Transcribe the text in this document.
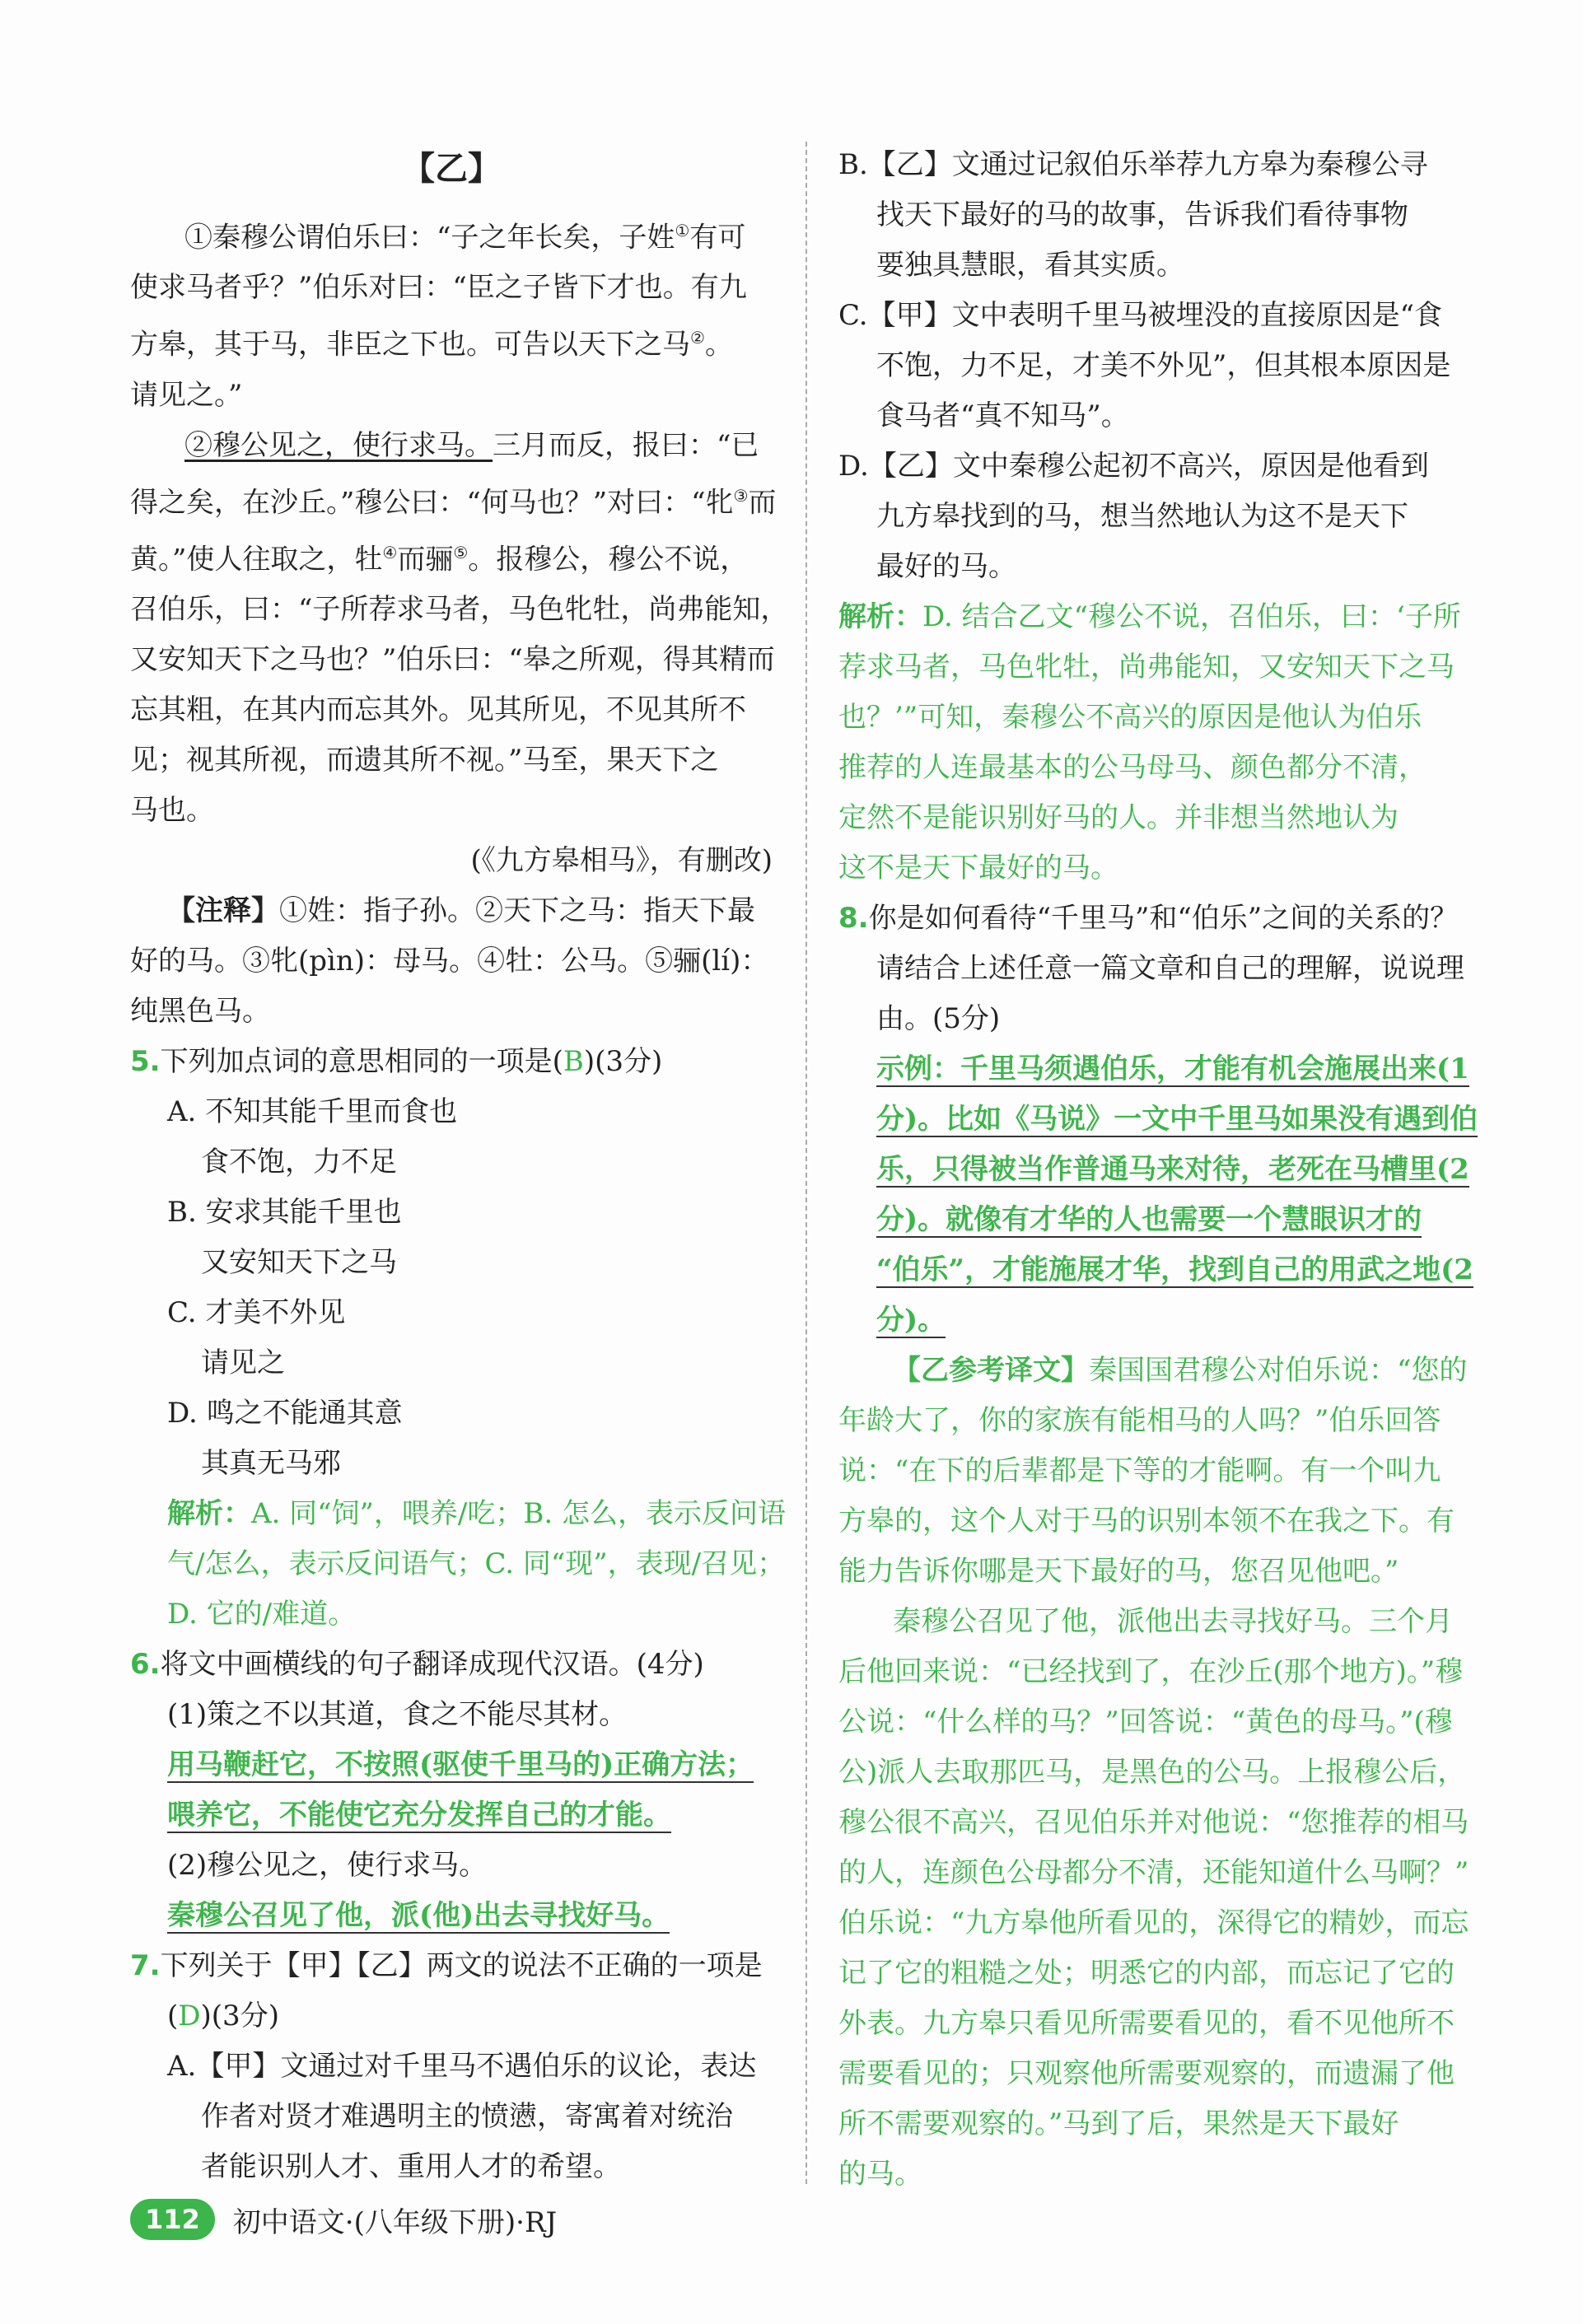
【乙】
①秦穆公谓伯乐曰：“子之年长矣，子姓①有可
使求马者乎？”伯乐对曰：“臣之子皆下才也。有九
方皋，其于马，非臣之下也。可告以天下之马②。
请见之。”
②穆公见之，使行求马。三月而反，报曰：“已
得之矣，在沙丘。”穆公曰：“何马也？”对曰：“牝③而
黄。”使人往取之，牡④而骊⑤。报穆公，穆公不说，
召伯乐，曰：“子所荐求马者，马色牝牡，尚弗能知，
又安知天下之马也？”伯乐曰：“皋之所观，得其精而
忘其粗，在其内而忘其外。见其所见，不见其所不
见；视其所视，而遗其所不视。”马至，果天下之
马也。
(《九方皋相马》，有删改)
【注释】①姓：指子孙。②天下之马：指天下最
好的马。③牝(pìn)：母马。④牡：公马。⑤骊(lí)：
纯黑色马。
5.下列加点词的意思相同的一项是(B)(3分)
A. 不知其能千里而食也
食不饱，力不足
B. 安求其能千里也
又安知天下之马
C. 才美不外见
请见之
D. 鸣之不能通其意
其真无马邪
解析：A. 同“饲”，喂养/吃；B. 怎么，表示反问语
气/怎么，表示反问语气；C. 同“现”，表现/召见；
D. 它的/难道。
6.将文中画横线的句子翻译成现代汉语。(4分)
(1)策之不以其道，食之不能尽其材。
用马鞭赶它，不按照(驱使千里马的)正确方法；
喂养它，不能使它充分发挥自己的才能。
(2)穆公见之，使行求马。
秦穆公召见了他，派(他)出去寻找好马。
7.下列关于【甲】【乙】两文的说法不正确的一项是
(D)(3分)
A.【甲】文通过对千里马不遇伯乐的议论，表达
作者对贤才难遇明主的愤懑，寄寓着对统治
者能识别人才、重用人才的希望。
B.【乙】文通过记叙伯乐举荐九方皋为秦穆公寻
找天下最好的马的故事，告诉我们看待事物
要独具慧眼，看其实质。
C.【甲】文中表明千里马被埋没的直接原因是“食
不饱，力不足，才美不外见”，但其根本原因是
食马者“真不知马”。
D.【乙】文中秦穆公起初不高兴，原因是他看到
九方皋找到的马，想当然地认为这不是天下
最好的马。
解析：D. 结合乙文“穆公不说，召伯乐，曰：‘子所
荐求马者，马色牝牡，尚弗能知，又安知天下之马
也？’”可知，秦穆公不高兴的原因是他认为伯乐
推荐的人连最基本的公马母马、颜色都分不清，
定然不是能识别好马的人。并非想当然地认为
这不是天下最好的马。
8.你是如何看待“千里马”和“伯乐”之间的关系的？
请结合上述任意一篇文章和自己的理解，说说理
由。(5分)
示例：千里马须遇伯乐，才能有机会施展出来(1
分)。比如《马说》一文中千里马如果没有遇到伯
乐，只得被当作普通马来对待，老死在马槽里(2
分)。就像有才华的人也需要一个慧眼识才的
“伯乐”，才能施展才华，找到自己的用武之地(2
分)。
【乙参考译文】秦国国君穆公对伯乐说：“您的
年龄大了，你的家族有能相马的人吗？”伯乐回答
说：“在下的后辈都是下等的才能啊。有一个叫九
方皋的，这个人对于马的识别本领不在我之下。有
能力告诉你哪是天下最好的马，您召见他吧。”
秦穆公召见了他，派他出去寻找好马。三个月
后他回来说：“已经找到了，在沙丘(那个地方)。”穆
公说：“什么样的马？”回答说：“黄色的母马。”(穆
公)派人去取那匹马，是黑色的公马。上报穆公后，
穆公很不高兴，召见伯乐并对他说：“您推荐的相马
的人，连颜色公母都分不清，还能知道什么马啊？”
伯乐说：“九方皋他所看见的，深得它的精妙，而忘
记了它的粗糙之处；明悉它的内部，而忘记了它的
外表。九方皋只看见所需要看见的，看不见他所不
需要看见的；只观察他所需要观察的，而遗漏了他
所不需要观察的。”马到了后，果然是天下最好
的马。
112	初中语文·(八年级下册)·RJ
